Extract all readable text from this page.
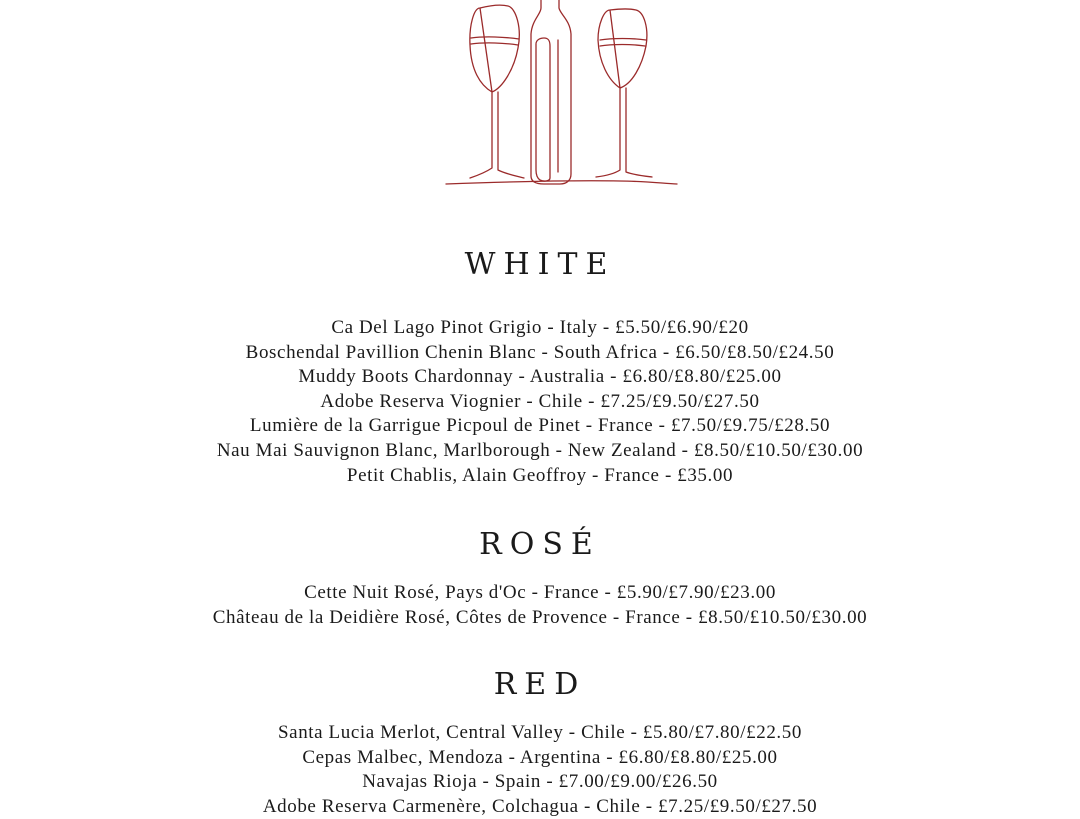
WHITE
Ca Del Lago Pinot Grigio - Italy - £5.50/£6.90/£20
Boschendal Pavillion Chenin Blanc - South Africa - £6.50/£8.50/£24.50
Muddy Boots Chardonnay - Australia - £6.80/£8.80/£25.00
Adobe Reserva Viognier - Chile - £7.25/£9.50/£27.50
Lumière de la Garrigue Picpoul de Pinet - France - £7.50/£9.75/£28.50
Nau Mai Sauvignon Blanc, Marlborough - New Zealand - £8.50/£10.50/£30.00
Petit Chablis, Alain Geoffroy - France - £35.00
ROSÉ
Cette Nuit Rosé, Pays d'Oc - France - £5.90/£7.90/£23.00
Château de la Deidière Rosé, Côtes de Provence - France - £8.50/£10.50/£30.00
RED
Santa Lucia Merlot, Central Valley - Chile - £5.80/£7.80/£22.50
Cepas Malbec, Mendoza - Argentina - £6.80/£8.80/£25.00
Navajas Rioja - Spain - £7.00/£9.00/£26.50
Adobe Reserva Carmenère, Colchagua - Chile - £7.25/£9.50/£27.50
